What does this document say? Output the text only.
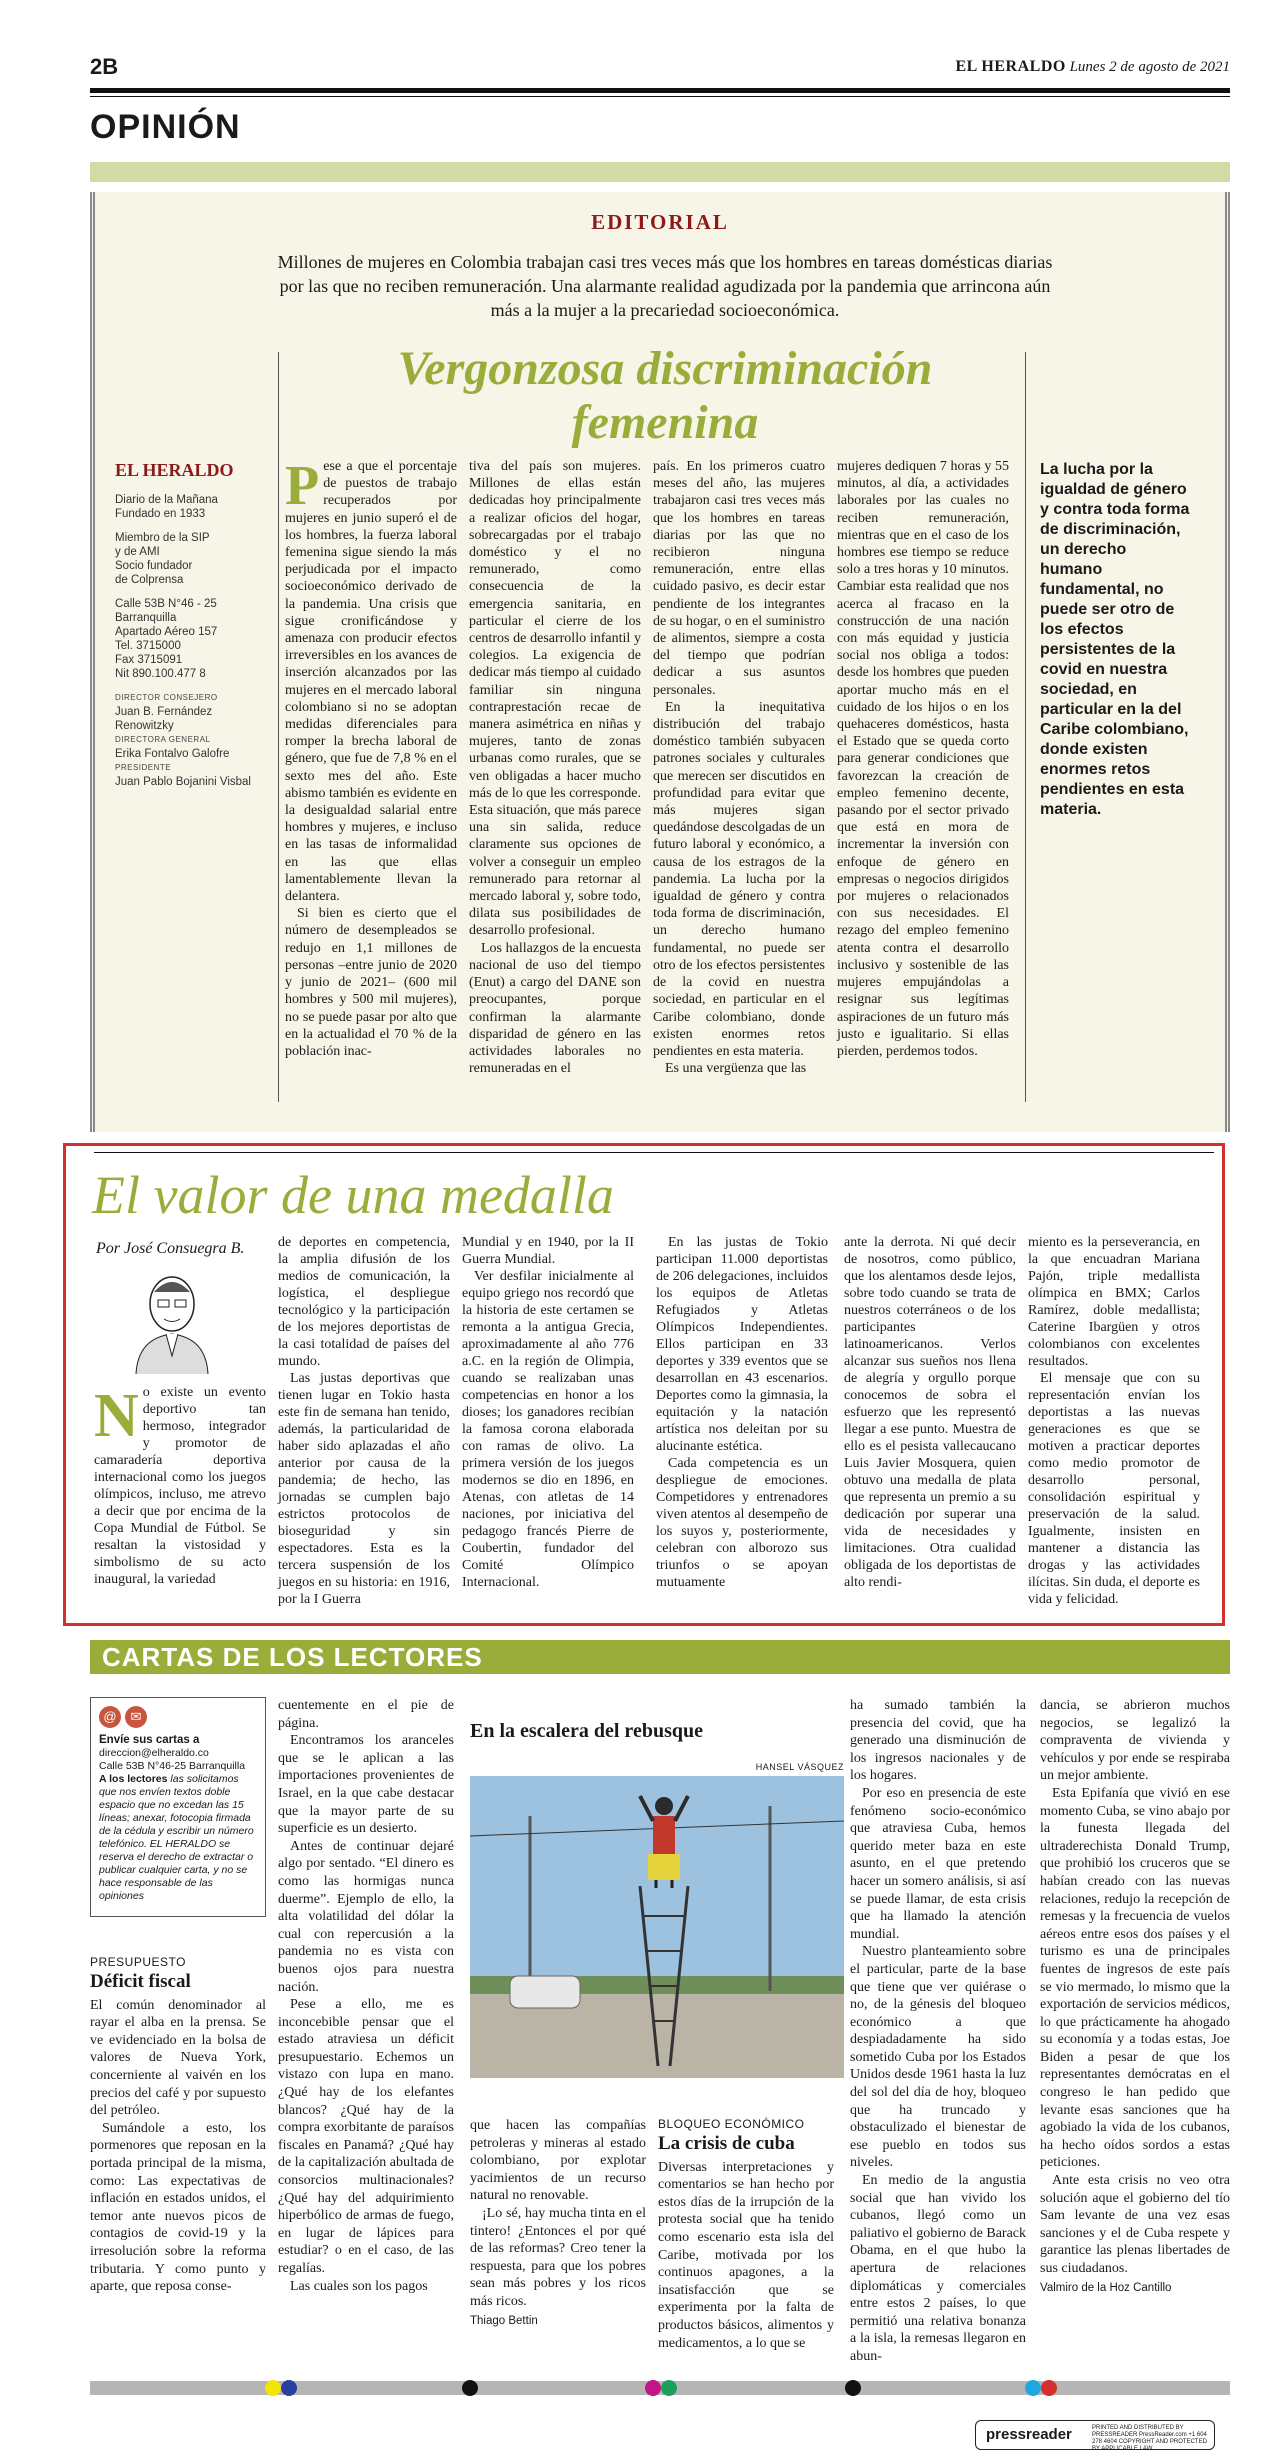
2B	EL HERALDO Lunes 2 de agosto de 2021
OPINIÓN
EDITORIAL
Millones de mujeres en Colombia trabajan casi tres veces más que los hombres en tareas domésticas diarias por las que no reciben remuneración. Una alarmante realidad agudizada por la pandemia que arrincona aún más a la mujer a la precariedad socioeconómica.
Vergonzosa discriminación femenina
EL HERALDO
Diario de la Mañana
Fundado en 1933
Miembro de la SIP
y de AMI
Socio fundador
de Colprensa
Calle 53B N°46 - 25
Barranquilla
Apartado Aéreo 157
Tel. 3715000
Fax 3715091
Nit 890.100.477 8
DIRECTOR CONSEJERO
Juan B. Fernández Renowitzky
DIRECTORA GENERAL
Erika Fontalvo Galofre
PRESIDENTE
Juan Pablo Bojanini Visbal
P ese a que el porcentaje de puestos de trabajo recuperados por mujeres en junio superó el de los hombres, la fuerza laboral femenina sigue siendo la más perjudicada por el impacto socioeconómico derivado de la pandemia. Una crisis que sigue cronificándose y amenaza con producir efectos irreversibles en los avances de inserción alcanzados por las mujeres en el mercado laboral colombiano si no se adoptan medidas diferenciales para romper la brecha laboral de género, que fue de 7,8 % en el sexto mes del año. Este abismo también es evidente en la desigualdad salarial entre hombres y mujeres, e incluso en las tasas de informalidad en las que ellas lamentablemente llevan la delantera.

Si bien es cierto que el número de desempleados se redujo en 1,1 millones de personas –entre junio de 2020 y junio de 2021– (600 mil hombres y 500 mil mujeres), no se puede pasar por alto que en la actualidad el 70 % de la población inac-

tiva del país son mujeres. Millones de ellas están dedicadas hoy principalmente a realizar oficios del hogar, sobrecargadas por el trabajo doméstico y el no remunerado, como consecuencia de la emergencia sanitaria, en particular el cierre de los centros de desarrollo infantil y colegios. La exigencia de dedicar más tiempo al cuidado familiar sin ninguna contraprestación recae de manera asimétrica en niñas y mujeres, tanto de zonas urbanas como rurales, que se ven obligadas a hacer mucho más de lo que les corresponde. Esta situación, que más parece una sin salida, reduce claramente sus opciones de volver a conseguir un empleo remunerado para retornar al mercado laboral y, sobre todo, dilata sus posibilidades de desarrollo profesional.

Los hallazgos de la encuesta nacional de uso del tiempo (Enut) a cargo del DANE son preocupantes, porque confirman la alarmante disparidad de género en las actividades laborales no remuneradas en el

país. En los primeros cuatro meses del año, las mujeres trabajaron casi tres veces más que los hombres en tareas diarias por las que no recibieron ninguna remuneración, entre ellas cuidado pasivo, es decir estar pendiente de los integrantes de su hogar, o en el suministro de alimentos, siempre a costa del tiempo que podrían dedicar a sus asuntos personales.

En la inequitativa distribución del trabajo doméstico también subyacen patrones sociales y culturales que merecen ser discutidos en profundidad para evitar que más mujeres sigan quedándose descolgadas de un futuro laboral y económico, a causa de los estragos de la pandemia. La lucha por la igualdad de género y contra toda forma de discriminación, un derecho humano fundamental, no puede ser otro de los efectos persistentes de la covid en nuestra sociedad, en particular en el Caribe colombiano, donde existen enormes retos pendientes en esta materia.

Es una vergüenza que las

mujeres dediquen 7 horas y 55 minutos, al día, a actividades laborales por las cuales no reciben remuneración, mientras que en el caso de los hombres ese tiempo se reduce solo a tres horas y 10 minutos. Cambiar esta realidad que nos acerca al fracaso en la construcción de una nación con más equidad y justicia social nos obliga a todos: desde los hombres que pueden aportar mucho más en el cuidado de los hijos o en los quehaceres domésticos, hasta el Estado que se queda corto para generar condiciones que favorezcan la creación de empleo femenino decente, pasando por el sector privado que está en mora de incrementar la inversión con enfoque de género en empresas o negocios dirigidos por mujeres o relacionados con sus necesidades. El rezago del empleo femenino atenta contra el desarrollo inclusivo y sostenible de las mujeres empujándolas a resignar sus legítimas aspiraciones de un futuro más justo e igualitario. Si ellas pierden, perdemos todos.

La lucha por la igualdad de género y contra toda forma de discriminación, un derecho humano fundamental, no puede ser otro de los efectos persistentes de la covid en nuestra sociedad, en particular en la del Caribe colombiano, donde existen enormes retos pendientes en esta materia.
El valor de una medalla
Por José Consuegra B.
N o existe un evento deportivo tan hermoso, integrador y promotor de camaradería deportiva internacional como los juegos olímpicos, incluso, me atrevo a decir que por encima de la Copa Mundial de Fútbol. Se resaltan la vistosidad y simbolismo de su acto inaugural, la variedad

de deportes en competencia, la amplia difusión de los medios de comunicación, la logística, el despliegue tecnológico y la participación de los mejores deportistas de la casi totalidad de países del mundo.

Las justas deportivas que tienen lugar en Tokio hasta este fin de semana han tenido, además, la particularidad de haber sido aplazadas el año anterior por causa de la pandemia; de hecho, las jornadas se cumplen bajo estrictos protocolos de bioseguridad y sin espectadores. Esta es la tercera suspensión de los juegos en su historia: en 1916, por la I Guerra

Mundial y en 1940, por la II Guerra Mundial.

Ver desfilar inicialmente al equipo griego nos recordó que la historia de este certamen se remonta a la antigua Grecia, aproximadamente al año 776 a.C. en la región de Olimpia, cuando se realizaban unas competencias en honor a los dioses; los ganadores recibían la famosa corona elaborada con ramas de olivo. La primera versión de los juegos modernos se dio en 1896, en Atenas, con atletas de 14 naciones, por iniciativa del pedagogo francés Pierre de Coubertin, fundador del Comité Olímpico Internacional.

En las justas de Tokio participan 11.000 deportistas de 206 delegaciones, incluidos los equipos de Atletas Refugiados y Atletas Olímpicos Independientes. Ellos participan en 33 deportes y 339 eventos que se desarrollan en 43 escenarios. Deportes como la gimnasia, la equitación y la natación artística nos deleitan por su alucinante estética.

Cada competencia es un despliegue de emociones. Competidores y entrenadores viven atentos al desempeño de los suyos y, posteriormente, celebran con alborozo sus triunfos o se apoyan mutuamente

ante la derrota. Ni qué decir de nosotros, como público, que los alentamos desde lejos, sobre todo cuando se trata de nuestros coterráneos o de los participantes latinoamericanos. Verlos alcanzar sus sueños nos llena de alegría y orgullo porque conocemos de sobra el esfuerzo que les representó llegar a ese punto. Muestra de ello es el pesista vallecaucano Luis Javier Mosquera, quien obtuvo una medalla de plata que representa un premio a su dedicación por superar una vida de necesidades y limitaciones. Otra cualidad obligada de los deportistas de alto rendi-

miento es la perseverancia, en la que encuadran Mariana Pajón, triple medallista olímpica en BMX; Carlos Ramírez, doble medallista; Caterine Ibargüen y otros colombianos con excelentes resultados.

El mensaje que con su representación envían los deportistas a las nuevas generaciones es que se motiven a practicar deportes como medio promotor de desarrollo personal, consolidación espiritual y preservación de la salud. Igualmente, insisten en mantener a distancia las drogas y las actividades ilícitas. Sin duda, el deporte es vida y felicidad.

CARTAS DE LOS LECTORES
@	✉
Envíe sus cartas a
direccion@elheraldo.co
Calle 53B N°46-25 Barranquilla
A los lectores las solicitamos que nos envíen textos doble espacio que no excedan las 15 líneas; anexar, fotocopia firmada de la cédula y escribir un número telefónico. EL HERALDO se reserva el derecho de extractar o publicar cualquier carta, y no se hace responsable de las opiniones
PRESUPUESTO
Déficit fiscal

El común denominador al rayar el alba en la prensa. Se ve evidenciado en la bolsa de valores de Nueva York, concerniente al vaivén en los precios del café y por supuesto del petróleo.

Sumándole a esto, los pormenores que reposan en la portada principal de la misma, como: Las expectativas de inflación en estados unidos, el temor ante nuevos picos de contagios de covid-19 y la irresolución sobre la reforma tributaria. Y como punto y aparte, que reposa conse-

cuentemente en el pie de página.

Encontramos los aranceles que se le aplican a las importaciones provenientes de Israel, en la que cabe destacar que la mayor parte de su superficie es un desierto.

Antes de continuar dejaré algo por sentado. “El dinero es como las hormigas nunca duerme”. Ejemplo de ello, la alta volatilidad del dólar la cual con repercusión a la pandemia no es vista con buenos ojos para nuestra nación.

Pese a ello, me es inconcebible pensar que el estado atraviesa un déficit presupuestario. Echemos un vistazo con lupa en mano. ¿Qué hay de los elefantes blancos? ¿Qué hay de la compra exorbitante de paraísos fiscales en Panamá? ¿Qué hay de la capitalización abultada de consorcios multinacionales? ¿Qué hay del adquirimiento hiperbólico de armas de fuego, en lugar de lápices para estudiar? o en el caso, de las regalías.

Las cuales son los pagos

que hacen las compañías petroleras y mineras al estado colombiano, por explotar yacimientos de un recurso natural no renovable.

¡Lo sé, hay mucha tinta en el tintero! ¿Entonces el por qué de las reformas? Creo tener la respuesta, para que los pobres sean más pobres y los ricos más ricos.

Thiago Bettin
En la escalera del rebusque
HANSEL VÁSQUEZ
BLOQUEO ECONÓMICO
La crisis de cuba

Diversas interpretaciones y comentarios se han hecho por estos días de la irrupción de la protesta social que ha tenido como escenario esta isla del Caribe, motivada por los continuos apagones, a la insatisfacción que se experimenta por la falta de productos básicos, alimentos y medicamentos, a lo que se

ha sumado también la presencia del covid, que ha generado una disminución de los ingresos nacionales y de los hogares.

Por eso en presencia de este fenómeno socio-económico que atraviesa Cuba, hemos querido meter baza en este asunto, en el que pretendo hacer un somero análisis, si así se puede llamar, de esta crisis que ha llamado la atención mundial.

Nuestro planteamiento sobre el particular, parte de la base que tiene que ver quiérase o no, de la génesis del bloqueo económico a que despiadadamente ha sido sometido Cuba por los Estados Unidos desde 1961 hasta la luz del sol del día de hoy, bloqueo que ha truncado y obstaculizado el bienestar de ese pueblo en todos sus niveles.

En medio de la angustia social que han vivido los cubanos, llegó como un paliativo el gobierno de Barack Obama, en el que hubo la apertura de relaciones diplomáticas y comerciales entre estos 2 países, lo que permitió una relativa bonanza a la isla, la remesas llegaron en abun-

dancia, se abrieron muchos negocios, se legalizó la compraventa de vivienda y vehículos y por ende se respiraba un mejor ambiente.

Esta Epifanía que vivió en ese momento Cuba, se vino abajo por la funesta llegada del ultraderechista Donald Trump, que prohibió los cruceros que se habían creado con las nuevas relaciones, redujo la recepción de remesas y la frecuencia de vuelos aéreos entre esos dos países y el turismo es una de principales fuentes de ingresos de este país se vio mermado, lo mismo que la exportación de servicios médicos, lo que prácticamente ha ahogado su economía y a todas estas, Joe Biden a pesar de que los representantes demócratas en el congreso le han pedido que levante esas sanciones que ha agobiado la vida de los cubanos, ha hecho oídos sordos a estas peticiones.

Ante esta crisis no veo otra solución aque el gobierno del tío Sam levante de una vez esas sanciones y el de Cuba respete y garantice las plenas libertades de sus ciudadanos.

Valmiro de la Hoz Cantillo
pressreader	PRINTED AND DISTRIBUTED BY PRESSREADER PressReader.com +1 604 278 4604 COPYRIGHT AND PROTECTED BY APPLICABLE LAW
